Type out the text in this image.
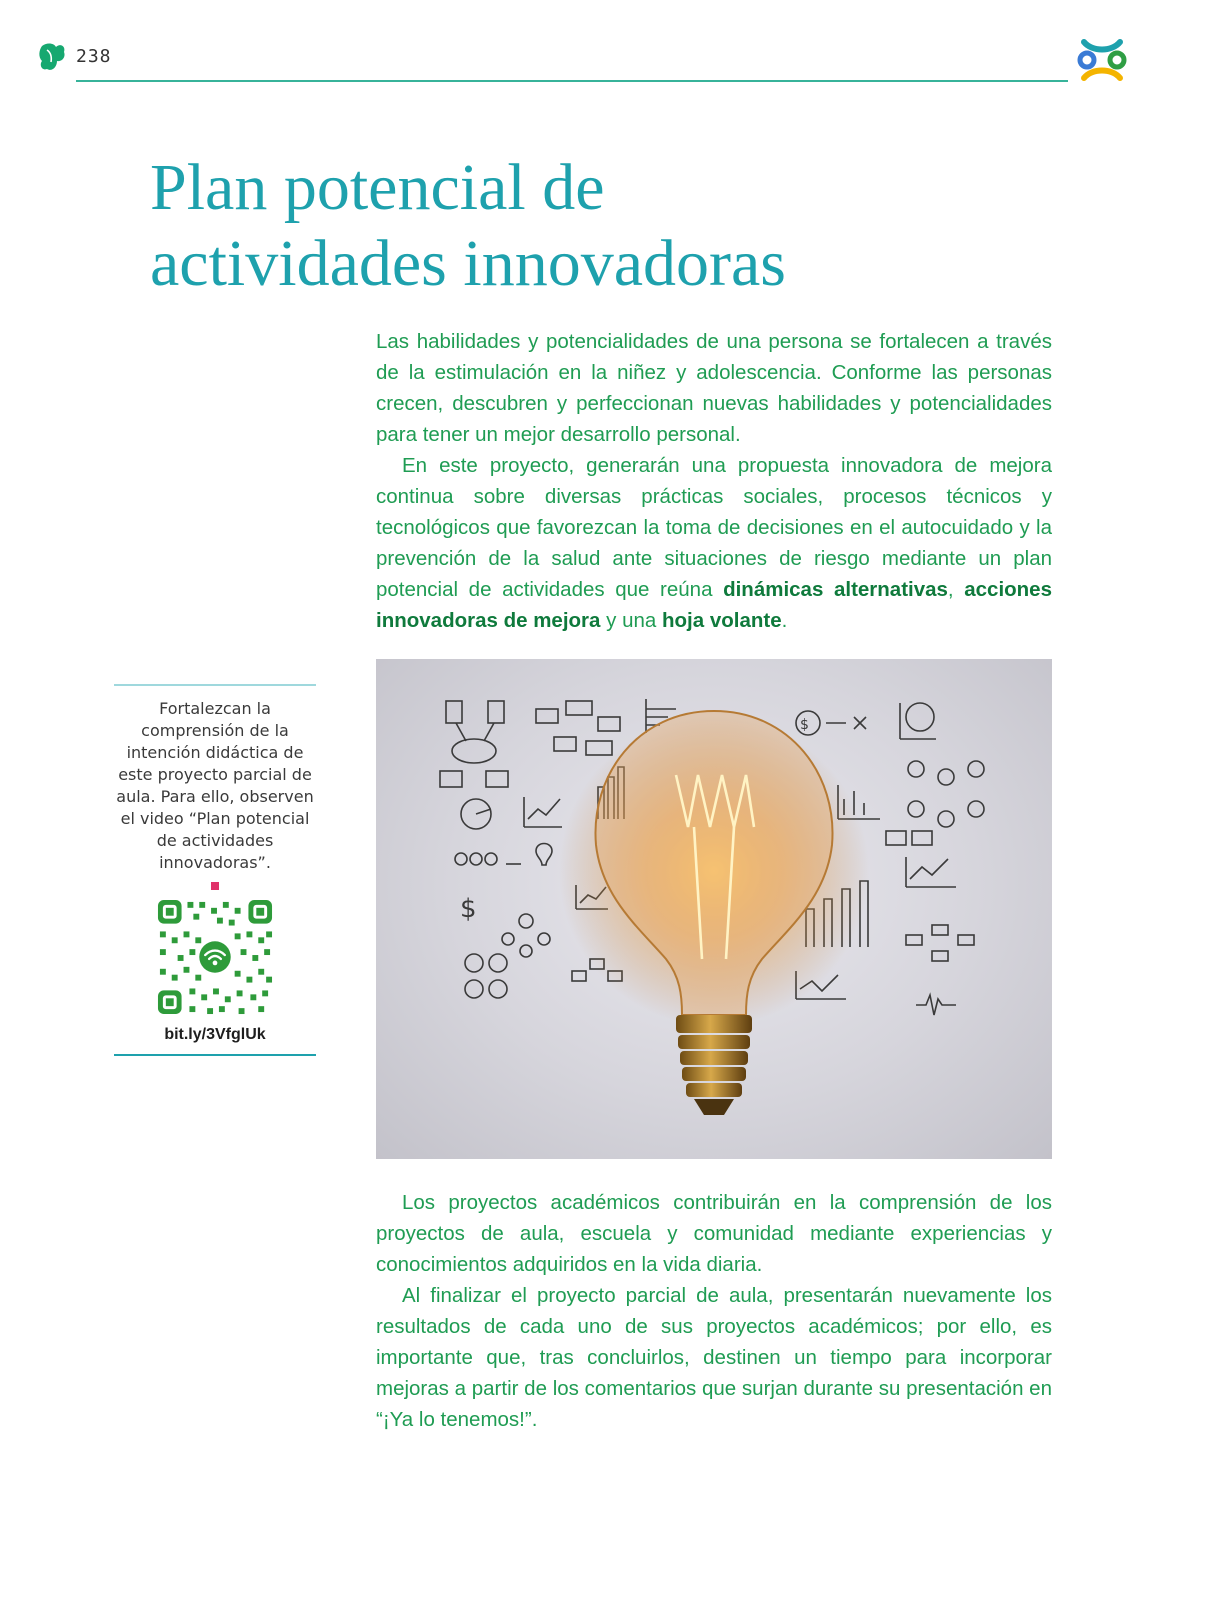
238
Plan potencial de
actividades innovadoras

Las habilidades y potencialidades de una persona se fortalecen a través de la estimulación en la niñez y adolescencia. Conforme las personas crecen, descubren y perfeccionan nuevas habilidades y potencialidades para tener un mejor desarrollo personal.

En este proyecto, generarán una propuesta innovadora de mejora continua sobre diversas prácticas sociales, procesos técnicos y tecnológicos que favorezcan la toma de decisiones en el autocuidado y la prevención de la salud ante situaciones de riesgo mediante un plan potencial de actividades que reúna dinámicas alternativas, acciones innovadoras de mejora y una hoja volante.

$
$

Fortalezcan la comprensión de la intención didáctica de este proyecto parcial de aula. Para ello, observen el video “Plan potencial de actividades innovadoras”.

bit.ly/3VfglUk

Los proyectos académicos contribuirán en la comprensión de los proyectos de aula, escuela y comunidad mediante experiencias y conocimientos adquiridos en la vida diaria.

Al finalizar el proyecto parcial de aula, presentarán nuevamente los resultados de cada uno de sus proyectos académicos; por ello, es importante que, tras concluirlos, destinen un tiempo para incorporar mejoras a partir de los comentarios que surjan durante su presentación en “¡Ya lo tenemos!”.
